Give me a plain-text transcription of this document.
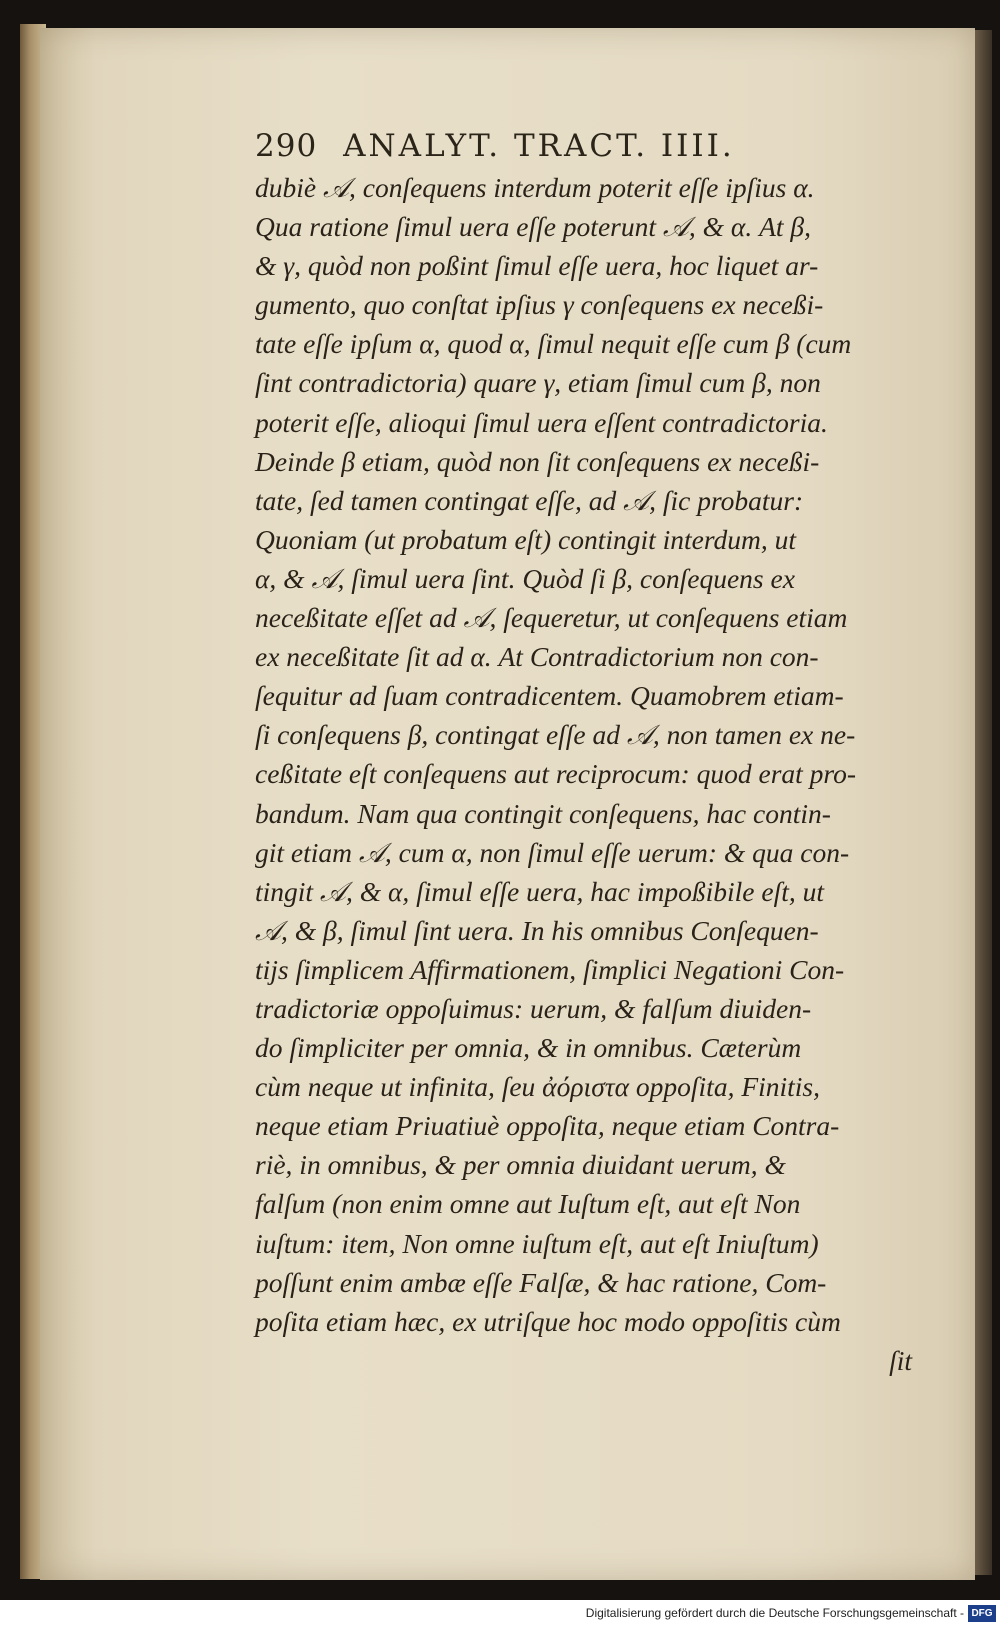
290 ANALYT. TRACT. IIII.
dubiè 𝒜, conſequens interdum poterit eſſe ipſius α.
Qua ratione ſimul uera eſſe poterunt 𝒜, & α. At β,
& γ, quòd non poßint ſimul eſſe uera, hoc liquet ar-
gumento, quo conſtat ipſius γ conſequens ex neceßi-
tate eſſe ipſum α, quod α, ſimul nequit eſſe cum β (cum
ſint contradictoria) quare γ, etiam ſimul cum β, non
poterit eſſe, alioqui ſimul uera eſſent contradictoria.
Deinde β etiam, quòd non ſit conſequens ex neceßi-
tate, ſed tamen contingat eſſe, ad 𝒜, ſic probatur:
Quoniam (ut probatum eſt) contingit interdum, ut
α, & 𝒜, ſimul uera ſint. Quòd ſi β, conſequens ex
neceßitate eſſet ad 𝒜, ſequeretur, ut conſequens etiam
ex neceßitate ſit ad α. At Contradictorium non con-
ſequitur ad ſuam contradicentem. Quamobrem etiam-
ſi conſequens β, contingat eſſe ad 𝒜, non tamen ex ne-
ceßitate eſt conſequens aut reciprocum: quod erat pro-
bandum. Nam qua contingit conſequens, hac contin-
git etiam 𝒜, cum α, non ſimul eſſe uerum: & qua con-
tingit 𝒜, & α, ſimul eſſe uera, hac impoßibile eſt, ut
𝒜, & β, ſimul ſint uera. In his omnibus Conſequen-
tijs ſimplicem Affirmationem, ſimplici Negationi Con-
tradictoriæ oppoſuimus: uerum, & falſum diuiden-
do ſimpliciter per omnia, & in omnibus. Cæterùm
cùm neque ut infinita, ſeu ἀόριστα oppoſita, Finitis,
neque etiam Priuatiuè oppoſita, neque etiam Contra-
riè, in omnibus, & per omnia diuidant uerum, &
falſum (non enim omne aut Iuſtum eſt, aut eſt Non
iuſtum: item, Non omne iuſtum eſt, aut eſt Iniuſtum)
poſſunt enim ambæ eſſe Falſæ, & hac ratione, Com-
poſita etiam hæc, ex utriſque hoc modo oppoſitis cùm
ſit
Digitalisierung gefördert durch die Deutsche Forschungsgemeinschaft - DFG
